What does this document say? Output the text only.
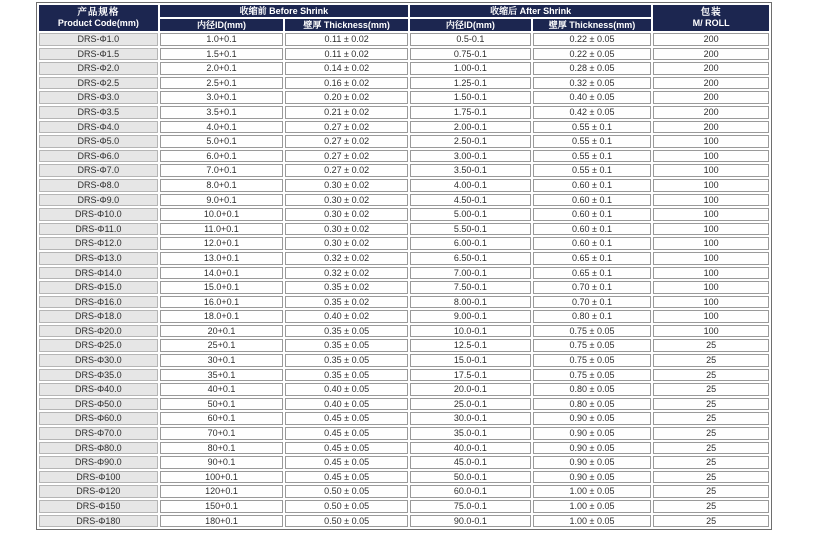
产品规格
Product Code(mm)
	收缩前 Before Shrink	收缩后 After Shrink	包装
M/ ROLL

	内径ID(mm)	壁厚 Thickness(mm)	内径ID(mm)	壁厚 Thickness(mm)	
DRS-Φ1.0	1.0+0.1	0.11 ± 0.02	0.5-0.1	0.22 ± 0.05	200
DRS-Φ1.5	1.5+0.1	0.11 ± 0.02	0.75-0.1	0.22 ± 0.05	200
DRS-Φ2.0	2.0+0.1	0.14 ± 0.02	1.00-0.1	0.28 ± 0.05	200
DRS-Φ2.5	2.5+0.1	0.16 ± 0.02	1.25-0.1	0.32 ± 0.05	200
DRS-Φ3.0	3.0+0.1	0.20 ± 0.02	1.50-0.1	0.40 ± 0.05	200
DRS-Φ3.5	3.5+0.1	0.21 ± 0.02	1.75-0.1	0.42 ± 0.05	200
DRS-Φ4.0	4.0+0.1	0.27 ± 0.02	2.00-0.1	0.55 ± 0.1	200
DRS-Φ5.0	5.0+0.1	0.27 ± 0.02	2.50-0.1	0.55 ± 0.1	100
DRS-Φ6.0	6.0+0.1	0.27 ± 0.02	3.00-0.1	0.55 ± 0.1	100
DRS-Φ7.0	7.0+0.1	0.27 ± 0.02	3.50-0.1	0.55 ± 0.1	100
DRS-Φ8.0	8.0+0.1	0.30 ± 0.02	4.00-0.1	0.60 ± 0.1	100
DRS-Φ9.0	9.0+0.1	0.30 ± 0.02	4.50-0.1	0.60 ± 0.1	100
DRS-Φ10.0	10.0+0.1	0.30 ± 0.02	5.00-0.1	0.60 ± 0.1	100
DRS-Φ11.0	11.0+0.1	0.30 ± 0.02	5.50-0.1	0.60 ± 0.1	100
DRS-Φ12.0	12.0+0.1	0.30 ± 0.02	6.00-0.1	0.60 ± 0.1	100
DRS-Φ13.0	13.0+0.1	0.32 ± 0.02	6.50-0.1	0.65 ± 0.1	100
DRS-Φ14.0	14.0+0.1	0.32 ± 0.02	7.00-0.1	0.65 ± 0.1	100
DRS-Φ15.0	15.0+0.1	0.35 ± 0.02	7.50-0.1	0.70 ± 0.1	100
DRS-Φ16.0	16.0+0.1	0.35 ± 0.02	8.00-0.1	0.70 ± 0.1	100
DRS-Φ18.0	18.0+0.1	0.40 ± 0.02	9.00-0.1	0.80 ± 0.1	100
DRS-Φ20.0	20+0.1	0.35 ± 0.05	10.0-0.1	0.75 ± 0.05	100
DRS-Φ25.0	25+0.1	0.35 ± 0.05	12.5-0.1	0.75 ± 0.05	25
DRS-Φ30.0	30+0.1	0.35 ± 0.05	15.0-0.1	0.75 ± 0.05	25
DRS-Φ35.0	35+0.1	0.35 ± 0.05	17.5-0.1	0.75 ± 0.05	25
DRS-Φ40.0	40+0.1	0.40 ± 0.05	20.0-0.1	0.80 ± 0.05	25
DRS-Φ50.0	50+0.1	0.40 ± 0.05	25.0-0.1	0.80 ± 0.05	25
DRS-Φ60.0	60+0.1	0.45 ± 0.05	30.0-0.1	0.90 ± 0.05	25
DRS-Φ70.0	70+0.1	0.45 ± 0.05	35.0-0.1	0.90 ± 0.05	25
DRS-Φ80.0	80+0.1	0.45 ± 0.05	40.0-0.1	0.90 ± 0.05	25
DRS-Φ90.0	90+0.1	0.45 ± 0.05	45.0-0.1	0.90 ± 0.05	25
DRS-Φ100	100+0.1	0.45 ± 0.05	50.0-0.1	0.90 ± 0.05	25
DRS-Φ120	120+0.1	0.50 ± 0.05	60.0-0.1	1.00 ± 0.05	25
DRS-Φ150	150+0.1	0.50 ± 0.05	75.0-0.1	1.00 ± 0.05	25
DRS-Φ180	180+0.1	0.50 ± 0.05	90.0-0.1	1.00 ± 0.05	25
